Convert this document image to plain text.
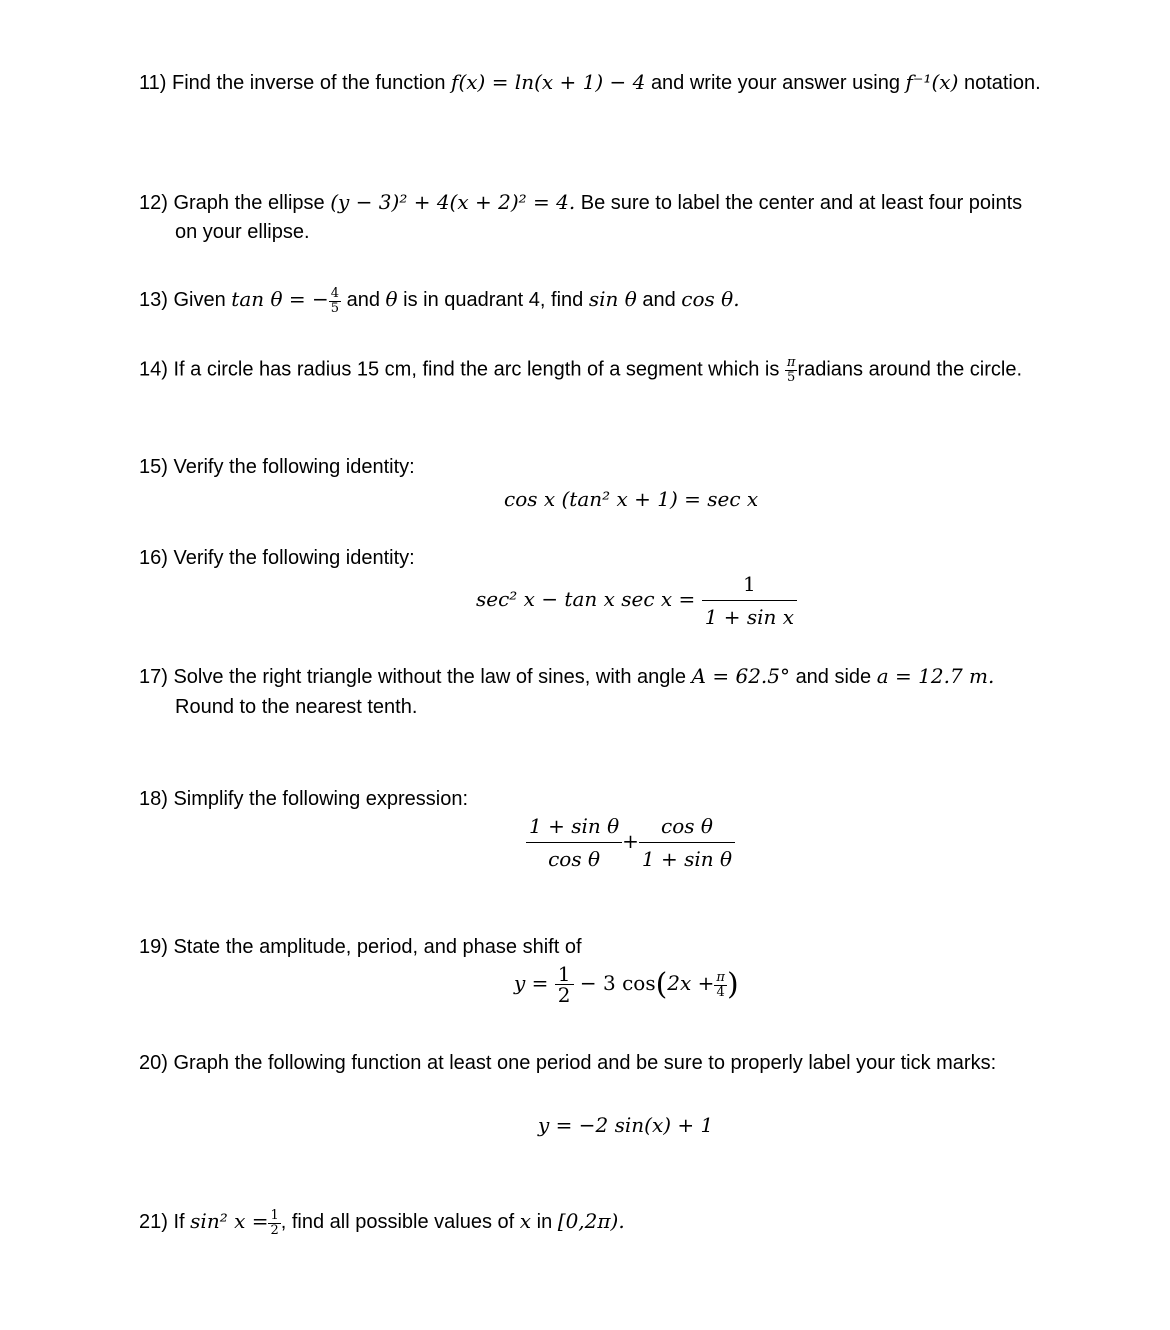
11) Find the inverse of the function f(x) = ln(x + 1) − 4 and write your answer using f⁻¹(x) notation.
12) Graph the ellipse (y − 3)² + 4(x + 2)² = 4. Be sure to label the center and at least four points
on your ellipse.
13) Given tan θ = − $\frac{4}{5}$ and θ is in quadrant 4, find sin θ and cos θ.
14) If a circle has radius 15 cm, find the arc length of a segment which is $\frac{\pi}{5}$ radians around the circle.
15) Verify the following identity:
cos x (tan² x + 1) = sec x
16) Verify the following identity:
sec² x − tan x $\sec x = \frac{1}{\text{1 + sin x}}$
17) Solve the right triangle without the law of sines, with angle A = 62.5° and side a = 12.7 m.
Round to the nearest tenth.
18) Simplify the following expression:
$\frac{\text{1 + sin θ}}{\text{cos θ}} + \frac{\text{cos θ}}{\text{1 + sin θ}}$
19) State the amplitude, period, and phase shift of
$y = \frac{1}{2} - 3$ $\cos(2x + \frac{\pi}{4}$ )
20) Graph the following function at least one period and be sure to properly label your tick marks:
y = −2 sin(x) + 1
21) If sin² $x = \frac{1}{2}$ , find all possible values of x in [0,2π).
